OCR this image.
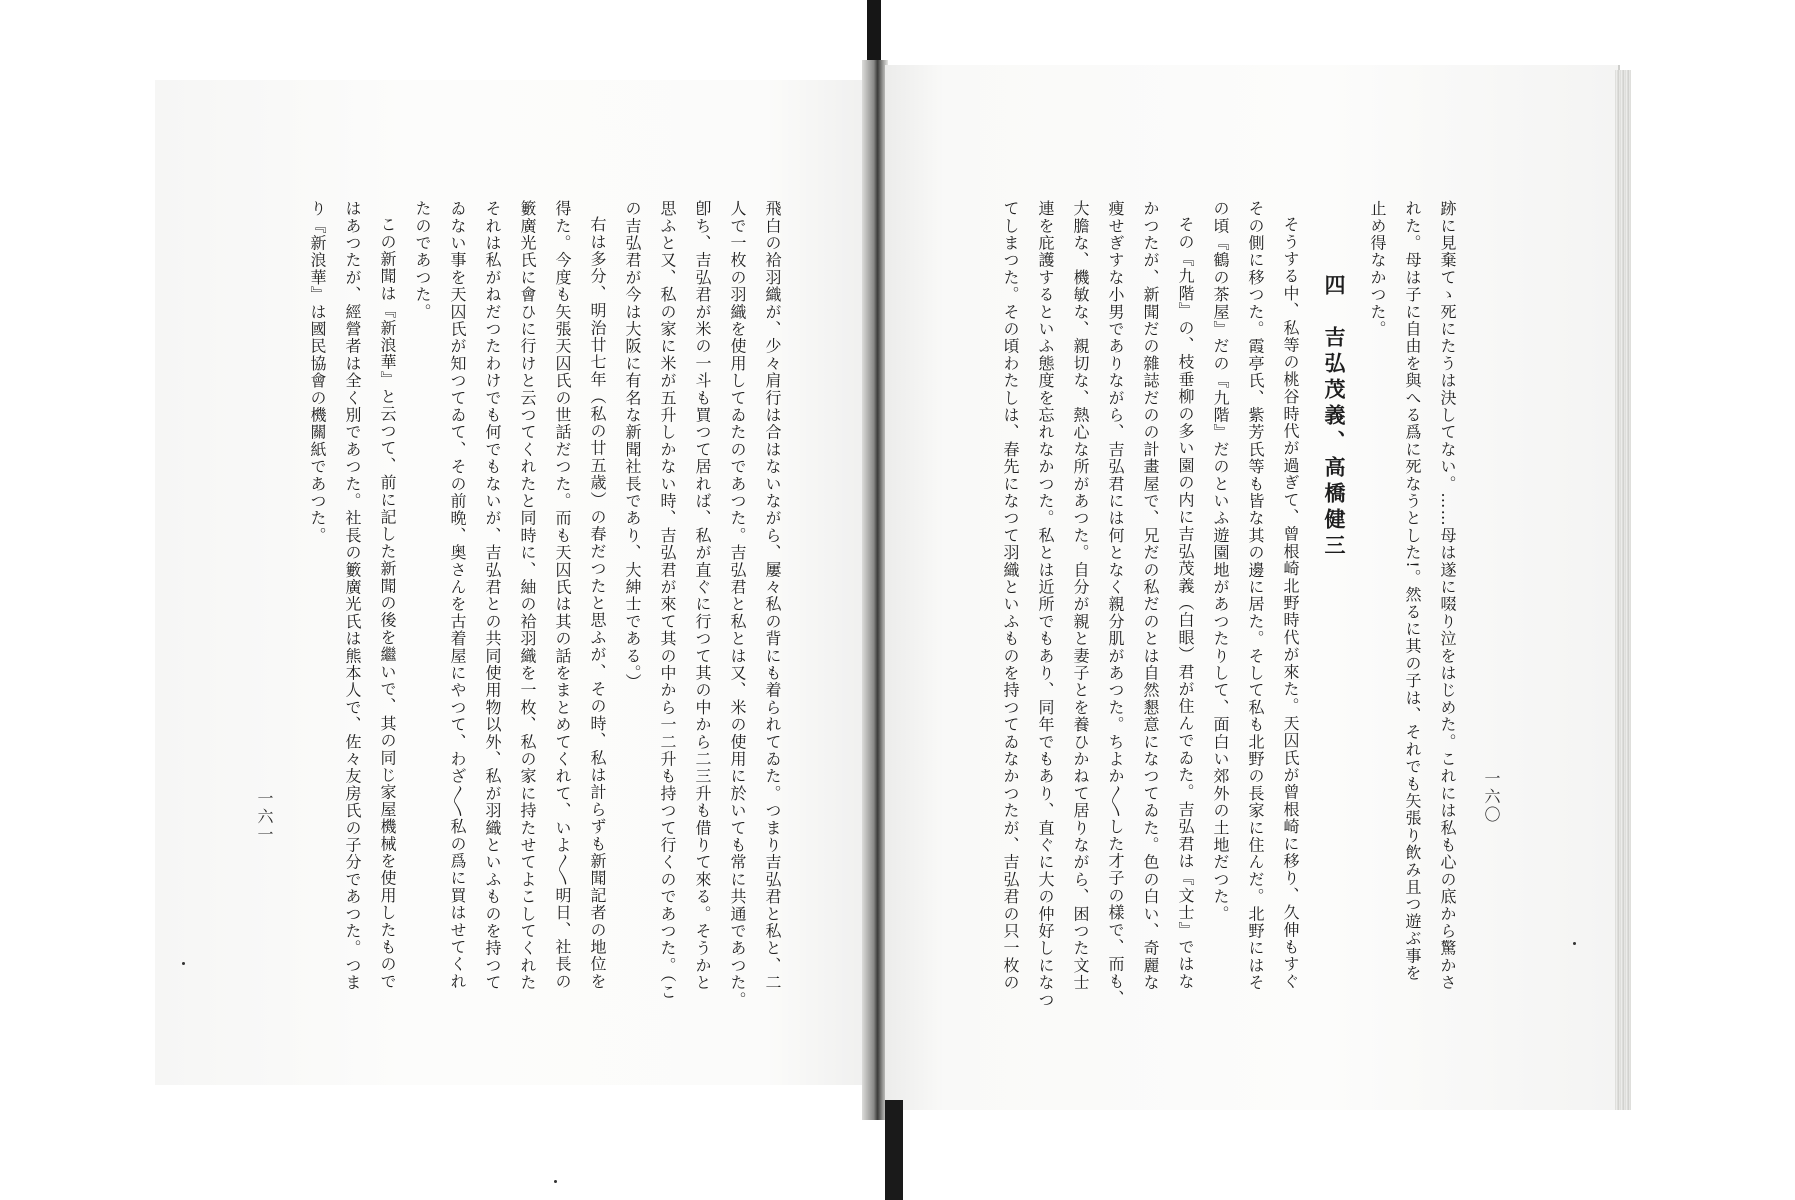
跡に見棄てゝ死にたうは決してない。……母は遂に啜り泣をはじめた。これには私も心の底から驚かさ

れた。母は子に自由を與へる爲に死なうとした!。然るに其の子は、それでも矢張り飲み且つ遊ぶ事を

止め得なかつた。

四　吉弘茂義、高橋健三

そうする中、私等の桃谷時代が過ぎて、曾根崎北野時代が來た。天囚氏が曾根崎に移り、久伸もすぐ

その側に移つた。霞亭氏、紫芳氏等も皆な其の邊に居た。そして私も北野の長家に住んだ。北野にはそ

の頃『鶴の茶屋』だの『九階』だのといふ遊園地があつたりして、面白い郊外の土地だつた。

その『九階』の、枝垂柳の多い園の内に吉弘茂義（白眼）君が住んでゐた。吉弘君は『文士』ではな

かつたが、新聞だの雜誌だのの計畫屋で、兄だの私だのとは自然懇意になつてゐた。色の白い、奇麗な

痩せぎすな小男でありながら、吉弘君には何となく親分肌があつた。ちよか〳〵した才子の樣で、而も、

大膽な、機敏な、親切な、熱心な所があつた。自分が親と妻子とを養ひかねて居りながら、困つた文士

連を庇護するといふ態度を忘れなかつた。私とは近所でもあり、同年でもあり、直ぐに大の仲好しになつ

てしまつた。その頃わたしは、春先になつて羽織といふものを持つてゐなかつたが、吉弘君の只一枚の	一六〇

飛白の袷羽織が、少々肩行は合はないながら、屢々私の背にも着られてゐた。つまり吉弘君と私と、二

人で一枚の羽織を使用してゐたのであつた。吉弘君と私とは又、米の使用に於いても常に共通であつた。

卽ち、吉弘君が米の一斗も買つて居れば、私が直ぐに行つて其の中から二三升も借りて來る。そうかと

思ふと又、私の家に米が五升しかない時、吉弘君が來て其の中から一二升も持つて行くのであつた。（こ

の吉弘君が今は大阪に有名な新聞社長であり、大紳士である。）

右は多分、明治廿七年（私の廿五歳）の春だつたと思ふが、その時、私は計らずも新聞記者の地位を

得た。今度も矢張天囚氏の世話だつた。而も天囚氏は其の話をまとめてくれて、いよ〳〵明日、社長の

籔廣光氏に會ひに行けと云つてくれたと同時に、紬の袷羽織を一枚、私の家に持たせてよこしてくれた

それは私がねだつたわけでも何でもないが、吉弘君との共同使用物以外、私が羽織といふものを持つて

ゐない事を天囚氏が知つてゐて、その前晩、奥さんを古着屋にやつて、わざ〳〵私の爲に買はせてくれ

たのであつた。

この新聞は『新浪華』と云つて、前に記した新聞の後を繼いで、其の同じ家屋機械を使用したもので

はあつたが、經營者は全く別であつた。社長の籔廣光氏は熊本人で、佐々友房氏の子分であつた。つま

り『新浪華』は國民協會の機關紙であつた。

一六一
